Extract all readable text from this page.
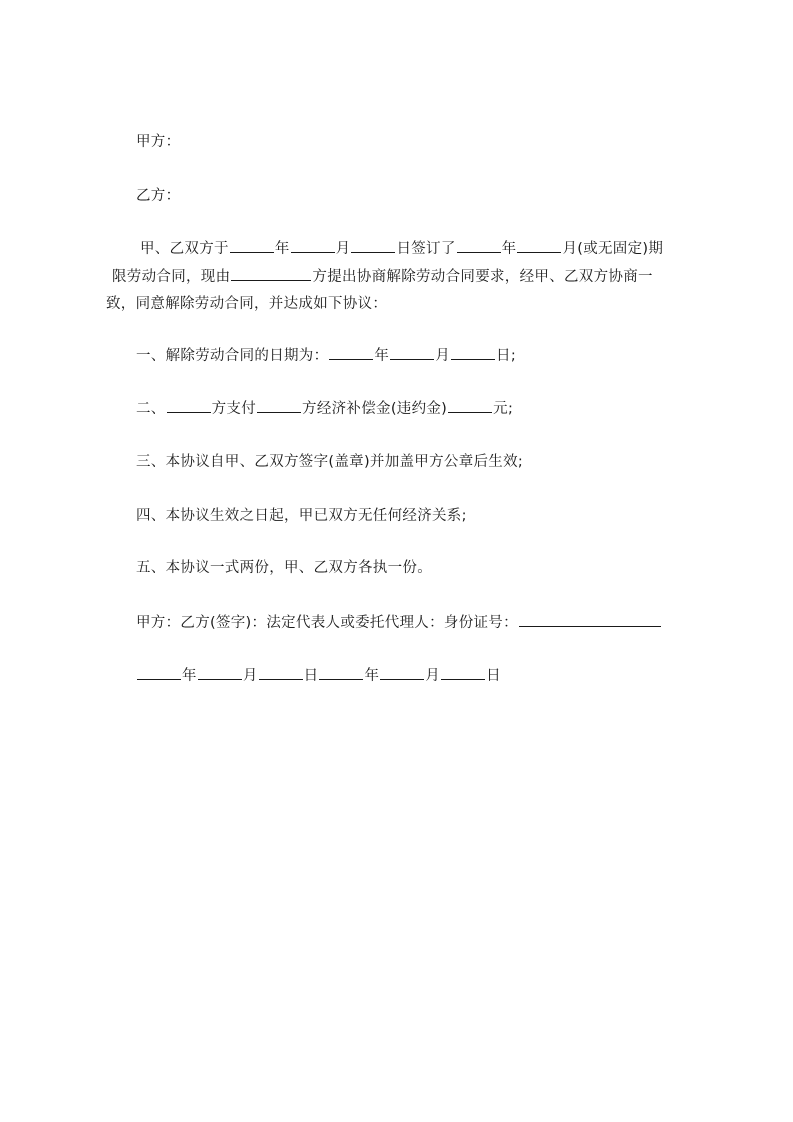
甲方：
乙方：
甲、乙双方于	年	月	日签订了	年	月(或无固定)期
限劳动合同，现由	方提出协商解除劳动合同要求，经甲、乙双方协商一
致，同意解除劳动合同，并达成如下协议：
一、解除劳动合同的日期为：	年	月	日;
二、	方支付	方经济补偿金(违约金)	元;
三、本协议自甲、乙双方签字(盖章)并加盖甲方公章后生效;
四、本协议生效之日起，甲已双方无任何经济关系;
五、本协议一式两份，甲、乙双方各执一份。
甲方：乙方(签字)：法定代表人或委托代理人：身份证号：
年	月	日	年	月	日
